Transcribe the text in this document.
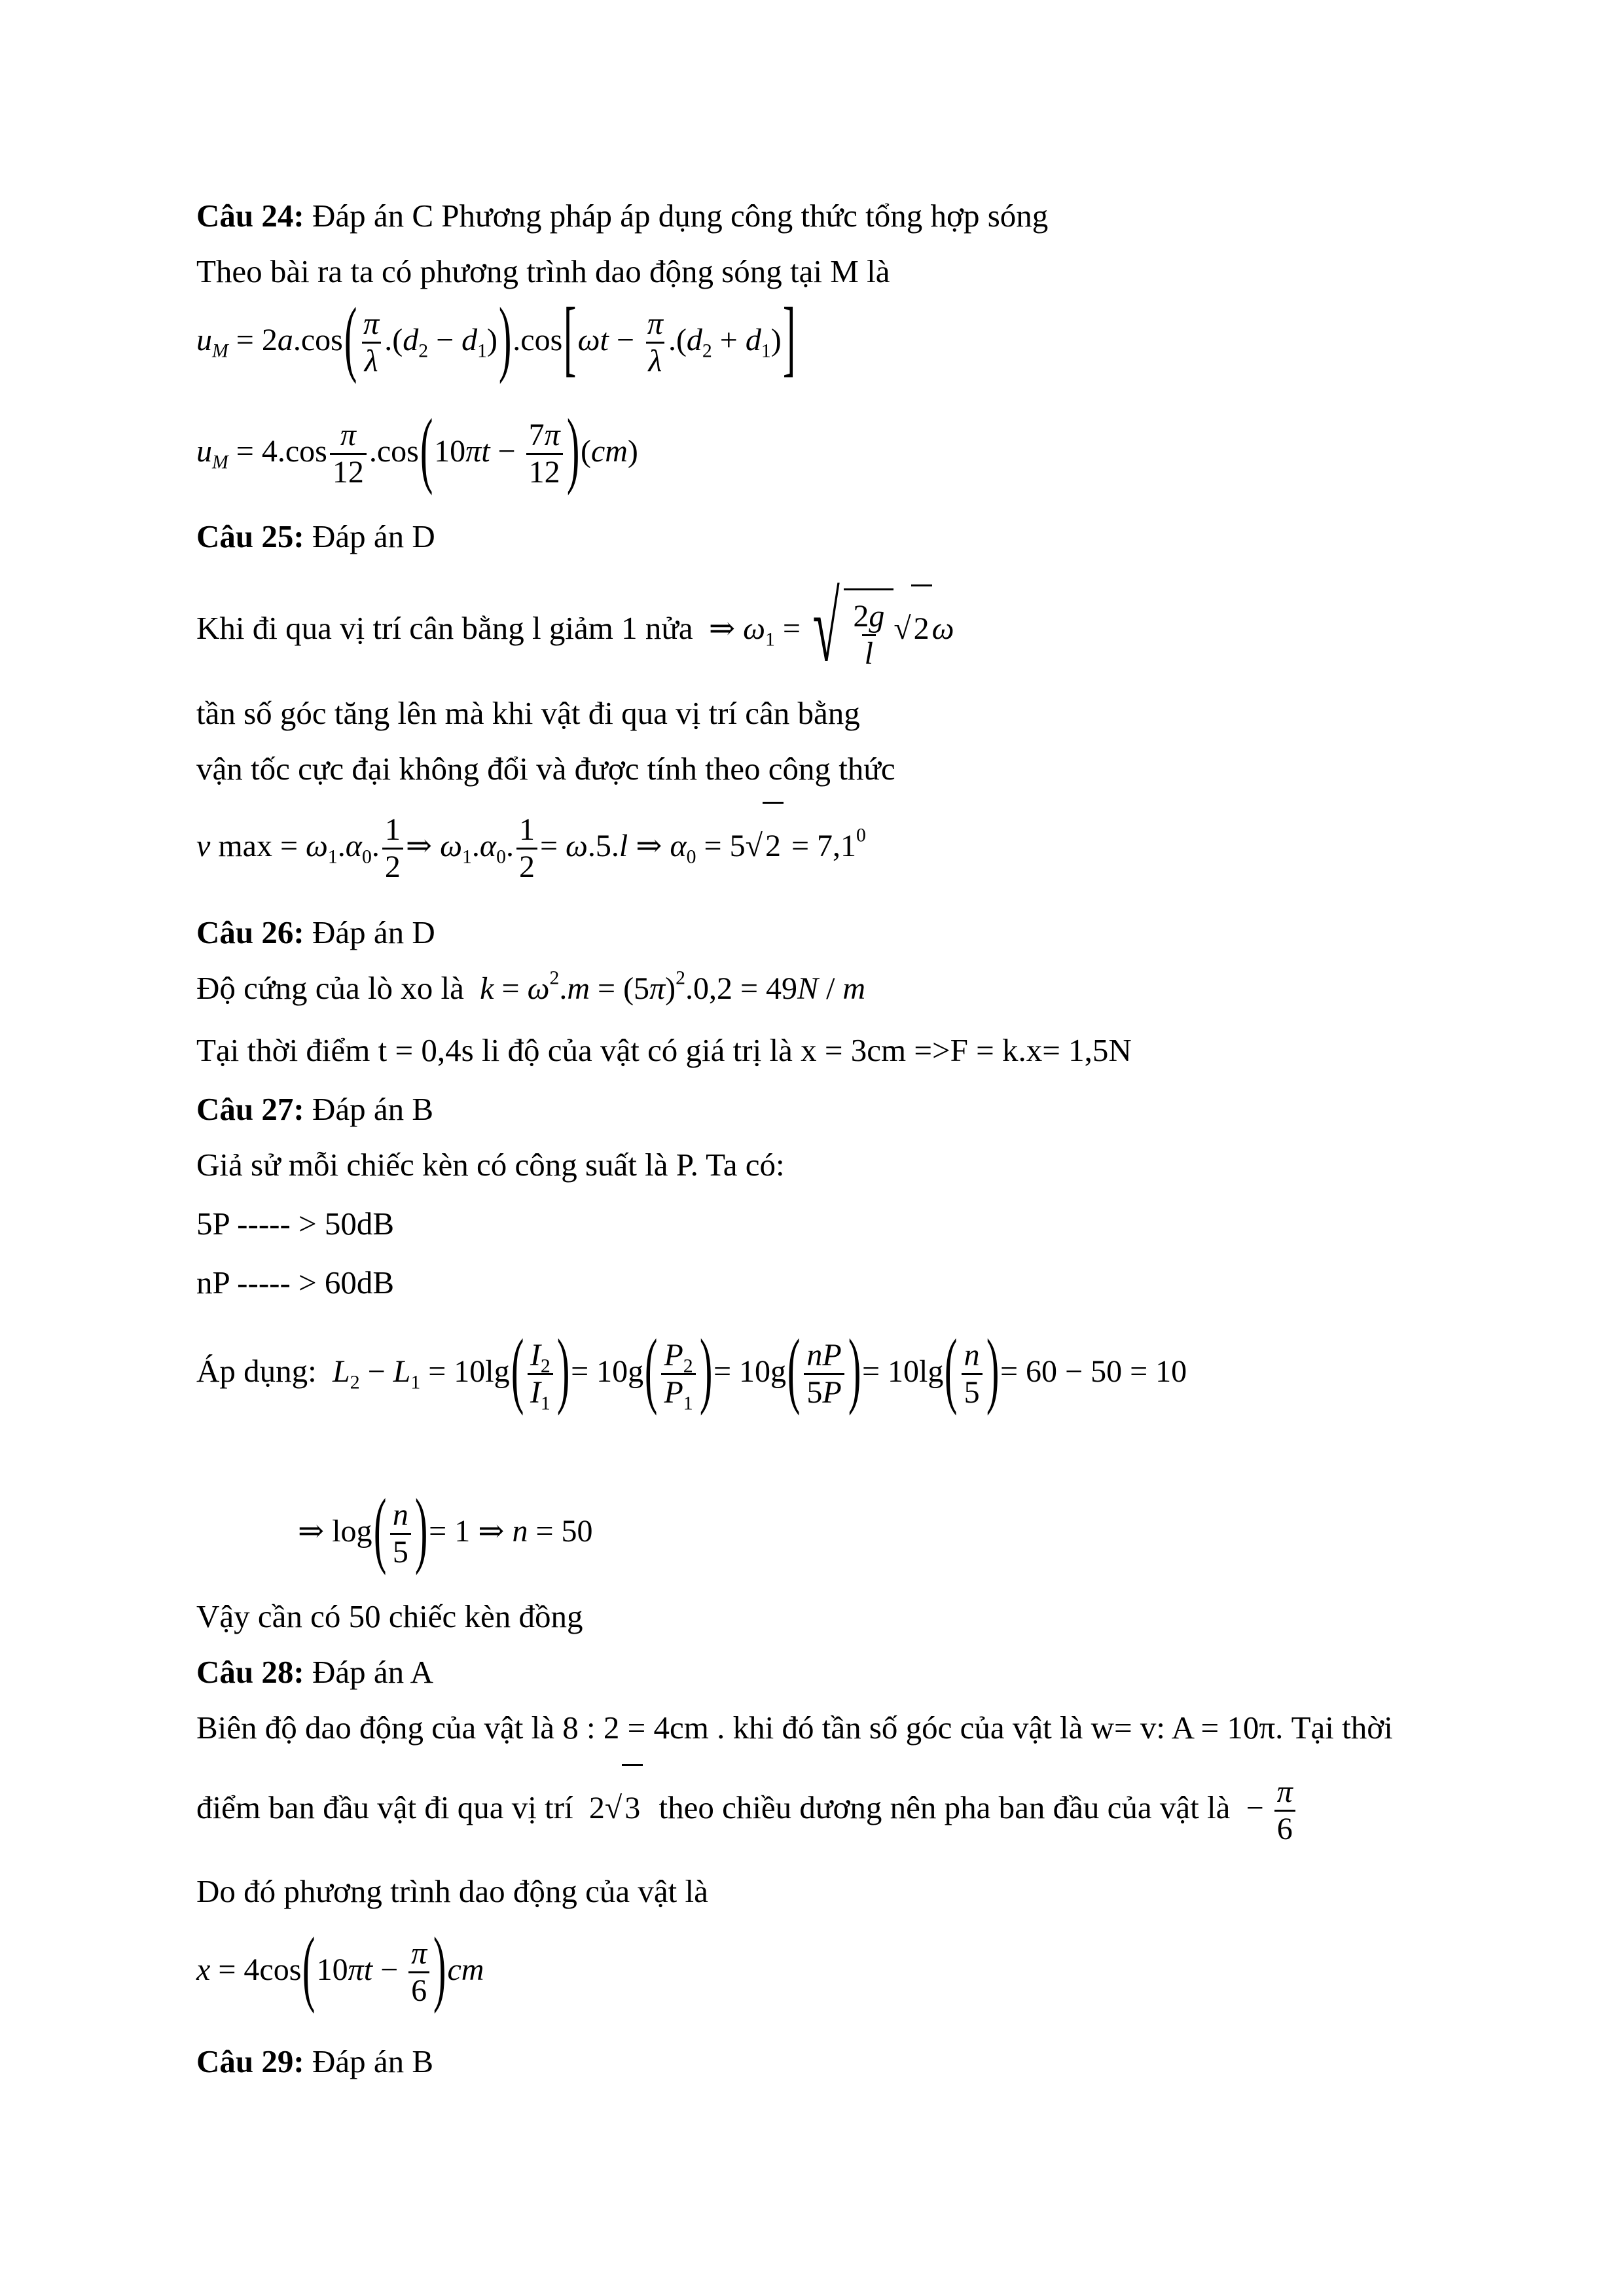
Câu 24: Đáp án C Phương pháp áp dụng công thức tổng hợp sóng
Theo bài ra ta có phương trình dao động sóng tại M là
$u_M = 2a.\cos( \frac{\pi}{\lambda} .(d_2 - d_1)).\cos[\omega t - \frac{\pi}{\lambda} .(d_2 + d_1)]$
$u_M = 4.\cos \frac{\pi}{12} .\cos(10\pi t - \frac{7\pi}{12} )(cm)$
Câu 25: Đáp án D
Khi đi qua vị trí cân bằng l giảm 1 nửa  ⇒ $\omega_1$ = √ $\frac{2g}{l} √2\omega$
tần số góc tăng lên mà khi vật đi qua vị trí cân bằng
vận tốc cực đại không đổi và được tính theo công thức
v $\max = \omega_1.\alpha_0$. $\frac{1}{2}$ ⇒ $\omega_1.\alpha_0$. $\frac{1}{2} = \omega.5.l$ ⇒ $\alpha_0 = 5√2 = 7,1^0$
Câu 26: Đáp án D
Độ cứng của lò xo là $k = \omega^2.m = (5\pi)^2.0,2 = 49N / m$
Tại thời điểm t = 0,4s li độ của vật có giá trị là x = 3cm =>F = k.x= 1,5N
Câu 27: Đáp án B
Giả sử mỗi chiếc kèn có công suất là P. Ta có:
5P ----- > 50dB
nP ----- > 60dB
Áp dụng: $L_2 - L_1 = 10\lg( \frac{I_2}{I_1}$ )= $10g( \frac{P_2}{P_1}$ )= $10g( \frac{nP}{5P}$ )= $10\lg( \frac{n}{5}$ )= 60 − 50 = 10
⇒ $\log( \frac{n}{5}$ )= 1 ⇒ n = 50
Vậy cần có 50 chiếc kèn đồng
Câu 28: Đáp án A
Biên độ dao động của vật là 8 : 2 = 4cm . khi đó tần số góc của vật là w= v: A = 10π. Tại thời
điểm ban đầu vật đi qua vị trí  2√3 theo chiều dương nên pha ban đầu của vật là  − $\frac{\pi}{6}$
Do đó phương trình dao động của vật là
$x = 4\cos(10\pi t - \frac{\pi}{6} )cm$
Câu 29: Đáp án B
